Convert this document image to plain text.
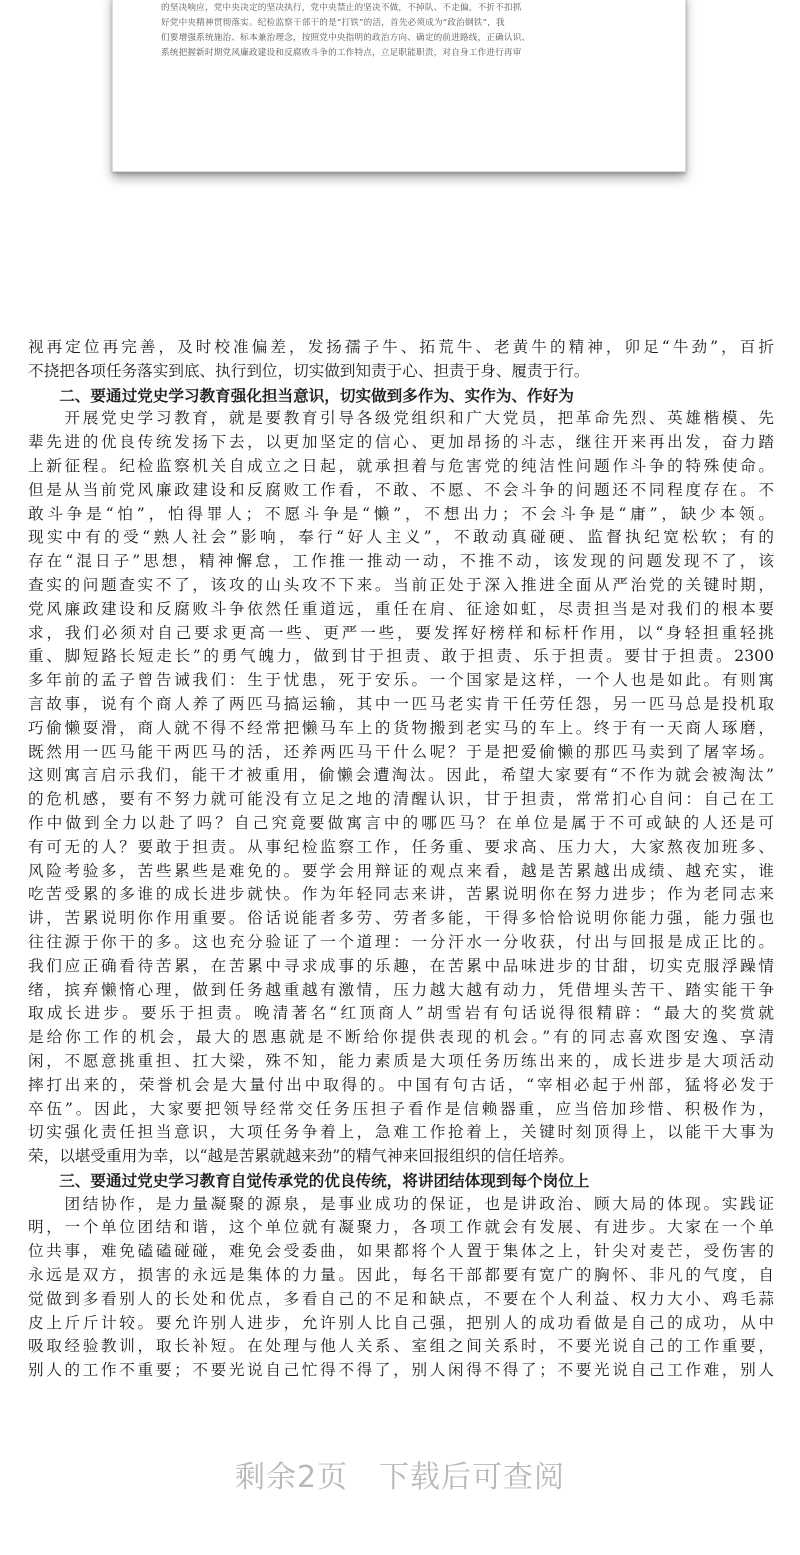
的坚决响应，党中央决定的坚决执行，党中央禁止的坚决不做，不掉队、不走偏，不折不扣抓
好党中央精神贯彻落实。纪检监察干部干的是“打铁”的活，首先必须成为“政治钢铁”，我
们要增强系统施治、标本兼治理念，按照党中央指明的政治方向、确定的前进路线，正确认识、
系统把握新时期党风廉政建设和反腐败斗争的工作特点，立足职能职责，对自身工作进行再审
视再定位再完善，及时校准偏差，发扬孺子牛、拓荒牛、老黄牛的精神，卯足“牛劲”，百折
不挠把各项任务落实到底、执行到位，切实做到知责于心、担责于身、履责于行。
　　二、要通过党史学习教育强化担当意识，切实做到多作为、实作为、作好为
　　开展党史学习教育，就是要教育引导各级党组织和广大党员，把革命先烈、英雄楷模、先
辈先进的优良传统发扬下去，以更加坚定的信心、更加昂扬的斗志，继往开来再出发，奋力踏
上新征程。纪检监察机关自成立之日起，就承担着与危害党的纯洁性问题作斗争的特殊使命。
但是从当前党风廉政建设和反腐败工作看，不敢、不愿、不会斗争的问题还不同程度存在。不
敢斗争是“怕”，怕得罪人；不愿斗争是“懒”，不想出力；不会斗争是“庸”，缺少本领。
现实中有的受“熟人社会”影响，奉行“好人主义”，不敢动真碰硬、监督执纪宽松软；有的
存在“混日子”思想，精神懈怠，工作推一推动一动，不推不动，该发现的问题发现不了，该
查实的问题查实不了，该攻的山头攻不下来。当前正处于深入推进全面从严治党的关键时期，
党风廉政建设和反腐败斗争依然任重道远，重任在肩、征途如虹，尽责担当是对我们的根本要
求，我们必须对自己要求更高一些、更严一些，要发挥好榜样和标杆作用，以“身轻担重轻挑
重、脚短路长短走长”的勇气魄力，做到甘于担责、敢于担责、乐于担责。要甘于担责。2300
多年前的孟子曾告诫我们：生于忧患，死于安乐。一个国家是这样，一个人也是如此。有则寓
言故事，说有个商人养了两匹马搞运输，其中一匹马老实肯干任劳任怨，另一匹马总是投机取
巧偷懒耍滑，商人就不得不经常把懒马车上的货物搬到老实马的车上。终于有一天商人琢磨，
既然用一匹马能干两匹马的活，还养两匹马干什么呢？于是把爱偷懒的那匹马卖到了屠宰场。
这则寓言启示我们，能干才被重用，偷懒会遭淘汰。因此，希望大家要有“不作为就会被淘汰”
的危机感，要有不努力就可能没有立足之地的清醒认识，甘于担责，常常扪心自问：自己在工
作中做到全力以赴了吗？自己究竟要做寓言中的哪匹马？在单位是属于不可或缺的人还是可
有可无的人？要敢于担责。从事纪检监察工作，任务重、要求高、压力大，大家熬夜加班多、
风险考验多，苦些累些是难免的。要学会用辩证的观点来看，越是苦累越出成绩、越充实，谁
吃苦受累的多谁的成长进步就快。作为年轻同志来讲，苦累说明你在努力进步；作为老同志来
讲，苦累说明你作用重要。俗话说能者多劳、劳者多能，干得多恰恰说明你能力强，能力强也
往往源于你干的多。这也充分验证了一个道理：一分汗水一分收获，付出与回报是成正比的。
我们应正确看待苦累，在苦累中寻求成事的乐趣，在苦累中品味进步的甘甜，切实克服浮躁情
绪，摈弃懒惰心理，做到任务越重越有激情，压力越大越有动力，凭借埋头苦干、踏实能干争
取成长进步。要乐于担责。晚清著名“红顶商人”胡雪岩有句话说得很精辟：“最大的奖赏就
是给你工作的机会，最大的恩惠就是不断给你提供表现的机会。”有的同志喜欢图安逸、享清
闲，不愿意挑重担、扛大梁，殊不知，能力素质是大项任务历练出来的，成长进步是大项活动
摔打出来的，荣誉机会是大量付出中取得的。中国有句古话，“宰相必起于州部，猛将必发于
卒伍”。因此，大家要把领导经常交任务压担子看作是信赖器重，应当倍加珍惜、积极作为，
切实强化责任担当意识，大项任务争着上，急难工作抢着上，关键时刻顶得上，以能干大事为
荣，以堪受重用为幸，以“越是苦累就越来劲”的精气神来回报组织的信任培养。
　　三、要通过党史学习教育自觉传承党的优良传统，将讲团结体现到每个岗位上
　　团结协作，是力量凝聚的源泉，是事业成功的保证，也是讲政治、顾大局的体现。实践证
明，一个单位团结和谐，这个单位就有凝聚力，各项工作就会有发展、有进步。大家在一个单
位共事，难免磕磕碰碰，难免会受委曲，如果都将个人置于集体之上，针尖对麦芒，受伤害的
永远是双方，损害的永远是集体的力量。因此，每名干部都要有宽广的胸怀、非凡的气度，自
觉做到多看别人的长处和优点，多看自己的不足和缺点，不要在个人利益、权力大小、鸡毛蒜
皮上斤斤计较。要允许别人进步，允许别人比自己强，把别人的成功看做是自己的成功，从中
吸取经验教训，取长补短。在处理与他人关系、室组之间关系时，不要光说自己的工作重要，
别人的工作不重要；不要光说自己忙得不得了，别人闲得不得了；不要光说自己工作难，别人
剩余2页　下载后可查阅
